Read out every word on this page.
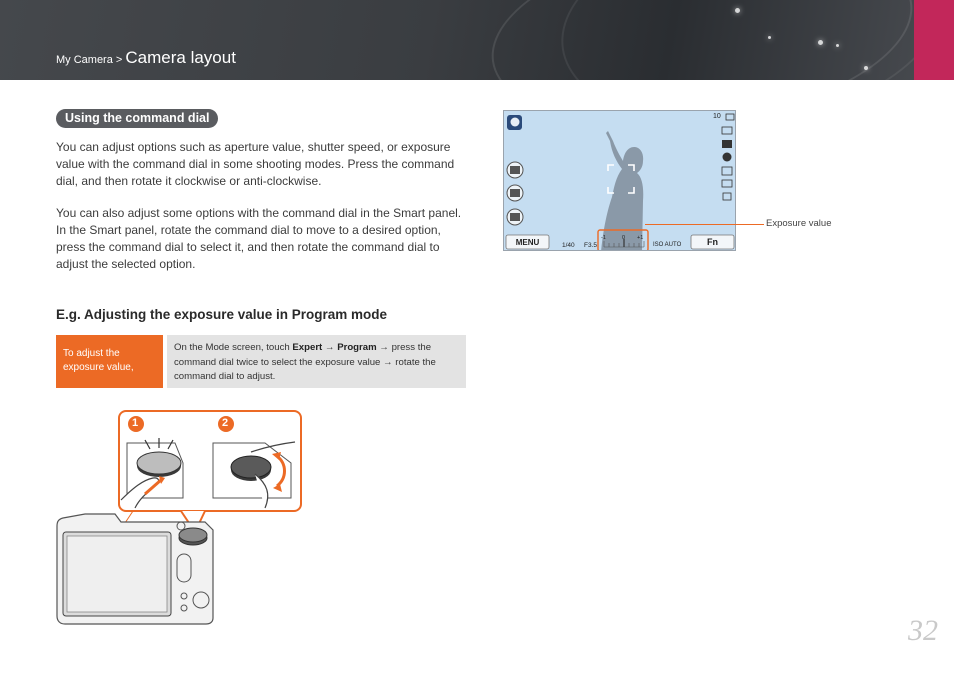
My Camera > Camera layout
Using the command dial

You can adjust options such as aperture value, shutter speed, or exposure value with the command dial in some shooting modes. Press the command dial, and then rotate it clockwise or anti-clockwise.

You can also adjust some options with the command dial in the Smart panel. In the Smart panel, rotate the command dial to move to a desired option, press the command dial to select it, and then rotate the command dial to adjust the selected option.

E.g. Adjusting the exposure value in Program mode
To adjust the exposure value,
On the Mode screen, touch Expert → Program → press the command dial twice to select the exposure value → rotate the command dial to adjust.
10
MENU	Fn
1/40 F3.5
-1	0 +1
ISO AUTO
Exposure value
1	2
32
